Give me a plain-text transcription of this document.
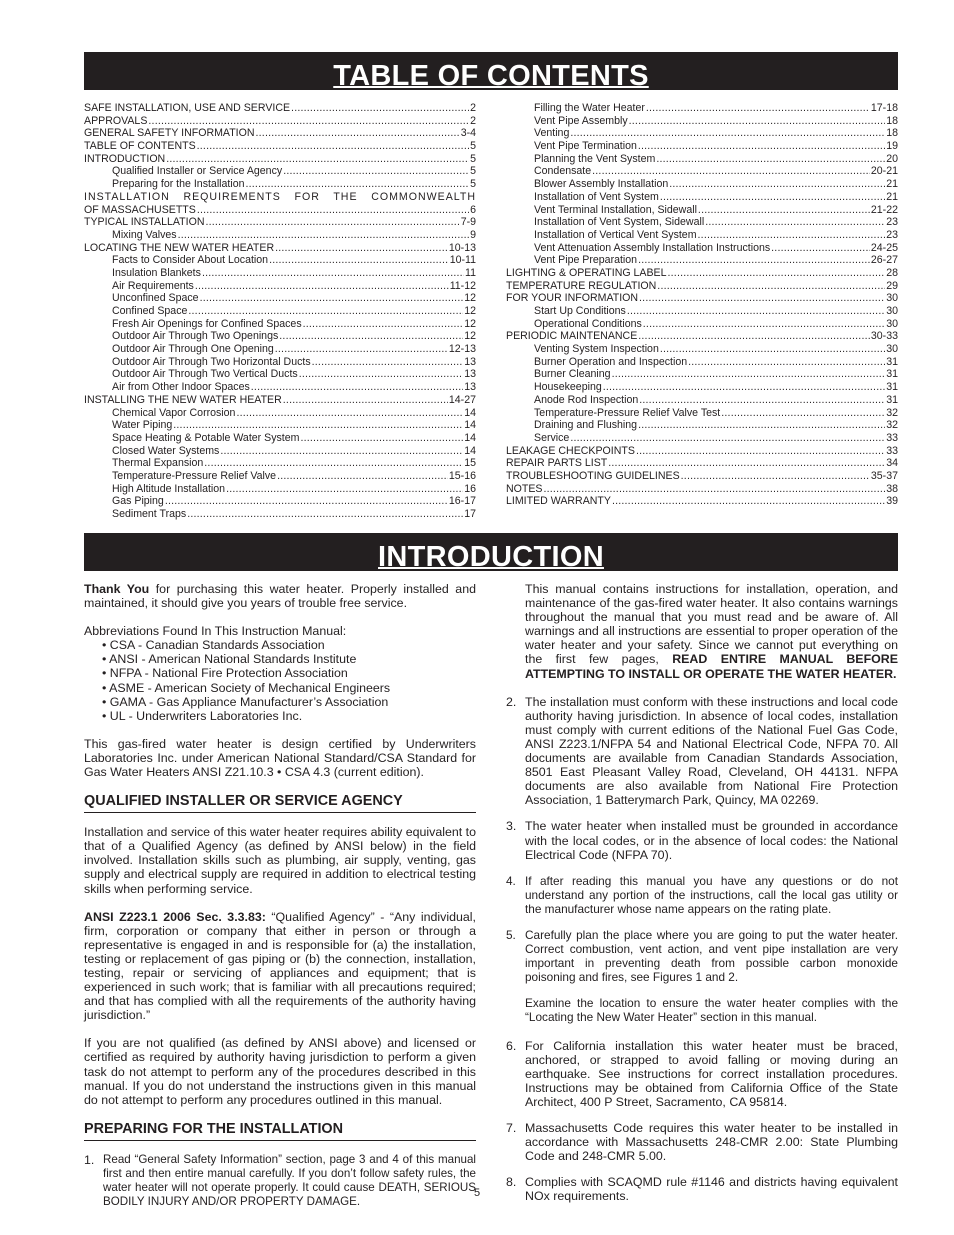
TABLE OF CONTENTS
SAFE INSTALLATION, USE AND SERVICE .....	2
APPROVALS .....	2
GENERAL SAFETY INFORMATION .....	3-4
TABLE OF CONTENTS .....	5
INTRODUCTION .....	5
Qualified Installer or Service Agency .....	5
Preparing for the Installation .....	5
INSTALLATION REQUIREMENTS FOR THE COMMONWEALTH
OF MASSACHUSETTS .....	6
TYPICAL INSTALLATION .....	7-9
Mixing Valves .....	9
LOCATING THE NEW WATER HEATER .....	10-13
Facts to Consider About Location .....	10-11
Insulation Blankets .....	11
Air Requirements .....	11-12
Unconfined Space .....	12
Confined Space .....	12
Fresh Air Openings for Confined Spaces .....	12
Outdoor Air Through Two Openings .....	12
Outdoor Air Through One Opening .....	12-13
Outdoor Air Through Two Horizontal Ducts .....	13
Outdoor Air Through Two Vertical Ducts .....	13
Air from Other Indoor Spaces .....	13
INSTALLING THE NEW WATER HEATER .....	14-27
Chemical Vapor Corrosion .....	14
Water Piping .....	14
Space Heating & Potable Water System .....	14
Closed Water Systems .....	14
Thermal Expansion .....	15
Temperature-Pressure Relief Valve .....	15-16
High Altitude Installation .....	16
Gas Piping .....	16-17
Sediment Traps .....	17
Filling the Water Heater .....	17-18
Vent Pipe Assembly .....	18
Venting .....	18
Vent Pipe Termination .....	19
Planning the Vent System .....	20
Condensate .....	20-21
Blower Assembly Installation .....	21
Installation of Vent System .....	21
Vent Terminal Installation, Sidewall .....	21-22
Installation of Vent System, Sidewall .....	23
Installation of Vertical Vent System .....	23
Vent Attenuation Assembly Installation Instructions .....	24-25
Vent Pipe Preparation .....	26-27
LIGHTING & OPERATING LABEL .....	28
TEMPERATURE REGULATION .....	29
FOR YOUR INFORMATION .....	30
Start Up Conditions .....	30
Operational Conditions .....	30
PERIODIC MAINTENANCE .....	30-33
Venting System Inspection .....	30
Burner Operation and Inspection .....	31
Burner Cleaning .....	31
Housekeeping .....	31
Anode Rod Inspection .....	31
Temperature-Pressure Relief Valve Test .....	32
Draining and Flushing .....	32
Service .....	33
LEAKAGE CHECKPOINTS .....	33
REPAIR PARTS LIST .....	34
TROUBLESHOOTING GUIDELINES .....	35-37
NOTES .....	38
LIMITED WARRANTY .....	39
INTRODUCTION

Thank You for purchasing this water heater. Properly installed and maintained, it should give you years of trouble free service.

Abbreviations Found In This Instruction Manual:
• CSA - Canadian Standards Association
• ANSI - American National Standards Institute
• NFPA - National Fire Protection Association
• ASME - American Society of Mechanical Engineers
• GAMA - Gas Appliance Manufacturer’s Association
• UL - Underwriters Laboratories Inc.

This gas-fired water heater is design certified by Underwriters Laboratories Inc. under American National Standard/CSA Standard for Gas Water Heaters ANSI Z21.10.3 • CSA 4.3 (current edition).

QUALIFIED INSTALLER OR SERVICE AGENCY

Installation and service of this water heater requires ability equivalent to that of a Qualified Agency (as defined by ANSI below) in the field involved. Installation skills such as plumbing, air supply, venting, gas supply and electrical supply are required in addition to electrical testing skills when performing service.

ANSI Z223.1 2006 Sec. 3.3.83: “Qualified Agency” - “Any individual, firm, corporation or company that either in person or through a representative is engaged in and is responsible for (a) the installation, testing or replacement of gas piping or (b) the connection, installation, testing, repair or servicing of appliances and equipment; that is experienced in such work; that is familiar with all precautions required; and that has complied with all the requirements of the authority having jurisdiction.”

If you are not qualified (as defined by ANSI above) and licensed or certified as required by authority having jurisdiction to perform a given task do not attempt to perform any of the procedures described in this manual. If you do not understand the instructions given in this manual do not attempt to perform any procedures outlined in this manual.

PREPARING FOR THE INSTALLATION
1. Read “General Safety Information” section, page 3 and 4 of this manual first and then entire manual carefully. If you don’t follow safety rules, the water heater will not operate properly. It could cause DEATH, SERIOUS BODILY INJURY AND/OR PROPERTY DAMAGE.

This manual contains instructions for installation, operation, and maintenance of the gas-fired water heater. It also contains warnings throughout the manual that you must read and be aware of. All warnings and all instructions are essential to proper operation of the water heater and your safety. Since we cannot put everything on the first few pages, READ ENTIRE MANUAL BEFORE ATTEMPTING TO INSTALL OR OPERATE THE WATER HEATER.

2. The installation must conform with these instructions and local code authority having jurisdiction. In absence of local codes, installation must comply with current editions of the National Fuel Gas Code, ANSI Z223.1/NFPA 54 and National Electrical Code, NFPA 70. All documents are available from Canadian Standards Association, 8501 East Pleasant Valley Road, Cleveland, OH 44131. NFPA documents are also available from National Fire Protection Association, 1 Batterymarch Park, Quincy, MA 02269.
3. The water heater when installed must be grounded in accordance with the local codes, or in the absence of local codes: the National Electrical Code (NFPA 70).
4. If after reading this manual you have any questions or do not understand any portion of the instructions, call the local gas utility or the manufacturer whose name appears on the rating plate.
5. Carefully plan the place where you are going to put the water heater. Correct combustion, vent action, and vent pipe installation are very important in preventing death from possible carbon monoxide poisoning and fires, see Figures 1 and 2.

Examine the location to ensure the water heater complies with the “Locating the New Water Heater” section in this manual.

6. For California installation this water heater must be braced, anchored, or strapped to avoid falling or moving during an earthquake. See instructions for correct installation procedures. Instructions may be obtained from California Office of the State Architect, 400 P Street, Sacramento, CA 95814.
7. Massachusetts Code requires this water heater to be installed in accordance with Massachusetts 248-CMR 2.00: State Plumbing Code and 248-CMR 5.00.
8. Complies with SCAQMD rule #1146 and districts having equivalent NOx requirements.
5
